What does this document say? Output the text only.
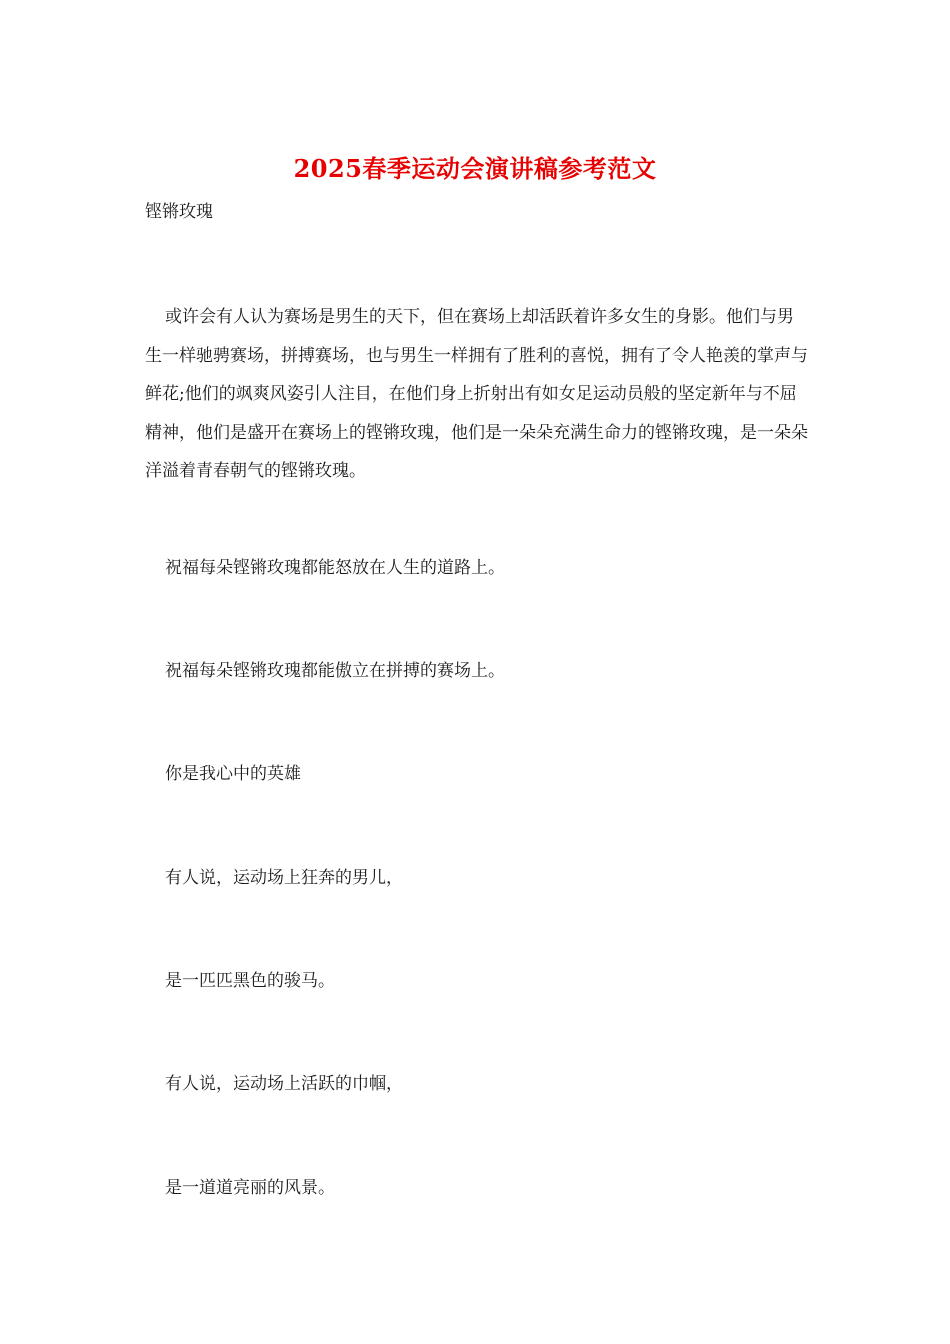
2025春季运动会演讲稿参考范文
铿锵玫瑰

或许会有人认为赛场是男生的天下，但在赛场上却活跃着许多女生的身影。他们与男生一样驰骋赛场，拼搏赛场，也与男生一样拥有了胜利的喜悦，拥有了令人艳羡的掌声与鲜花;他们的飒爽风姿引人注目，在他们身上折射出有如女足运动员般的坚定新年与不屈精神，他们是盛开在赛场上的铿锵玫瑰，他们是一朵朵充满生命力的铿锵玫瑰，是一朵朵洋溢着青春朝气的铿锵玫瑰。

祝福每朵铿锵玫瑰都能怒放在人生的道路上。

祝福每朵铿锵玫瑰都能傲立在拼搏的赛场上。

你是我心中的英雄

有人说，运动场上狂奔的男儿，

是一匹匹黑色的骏马。

有人说，运动场上活跃的巾帼，

是一道道亮丽的风景。
